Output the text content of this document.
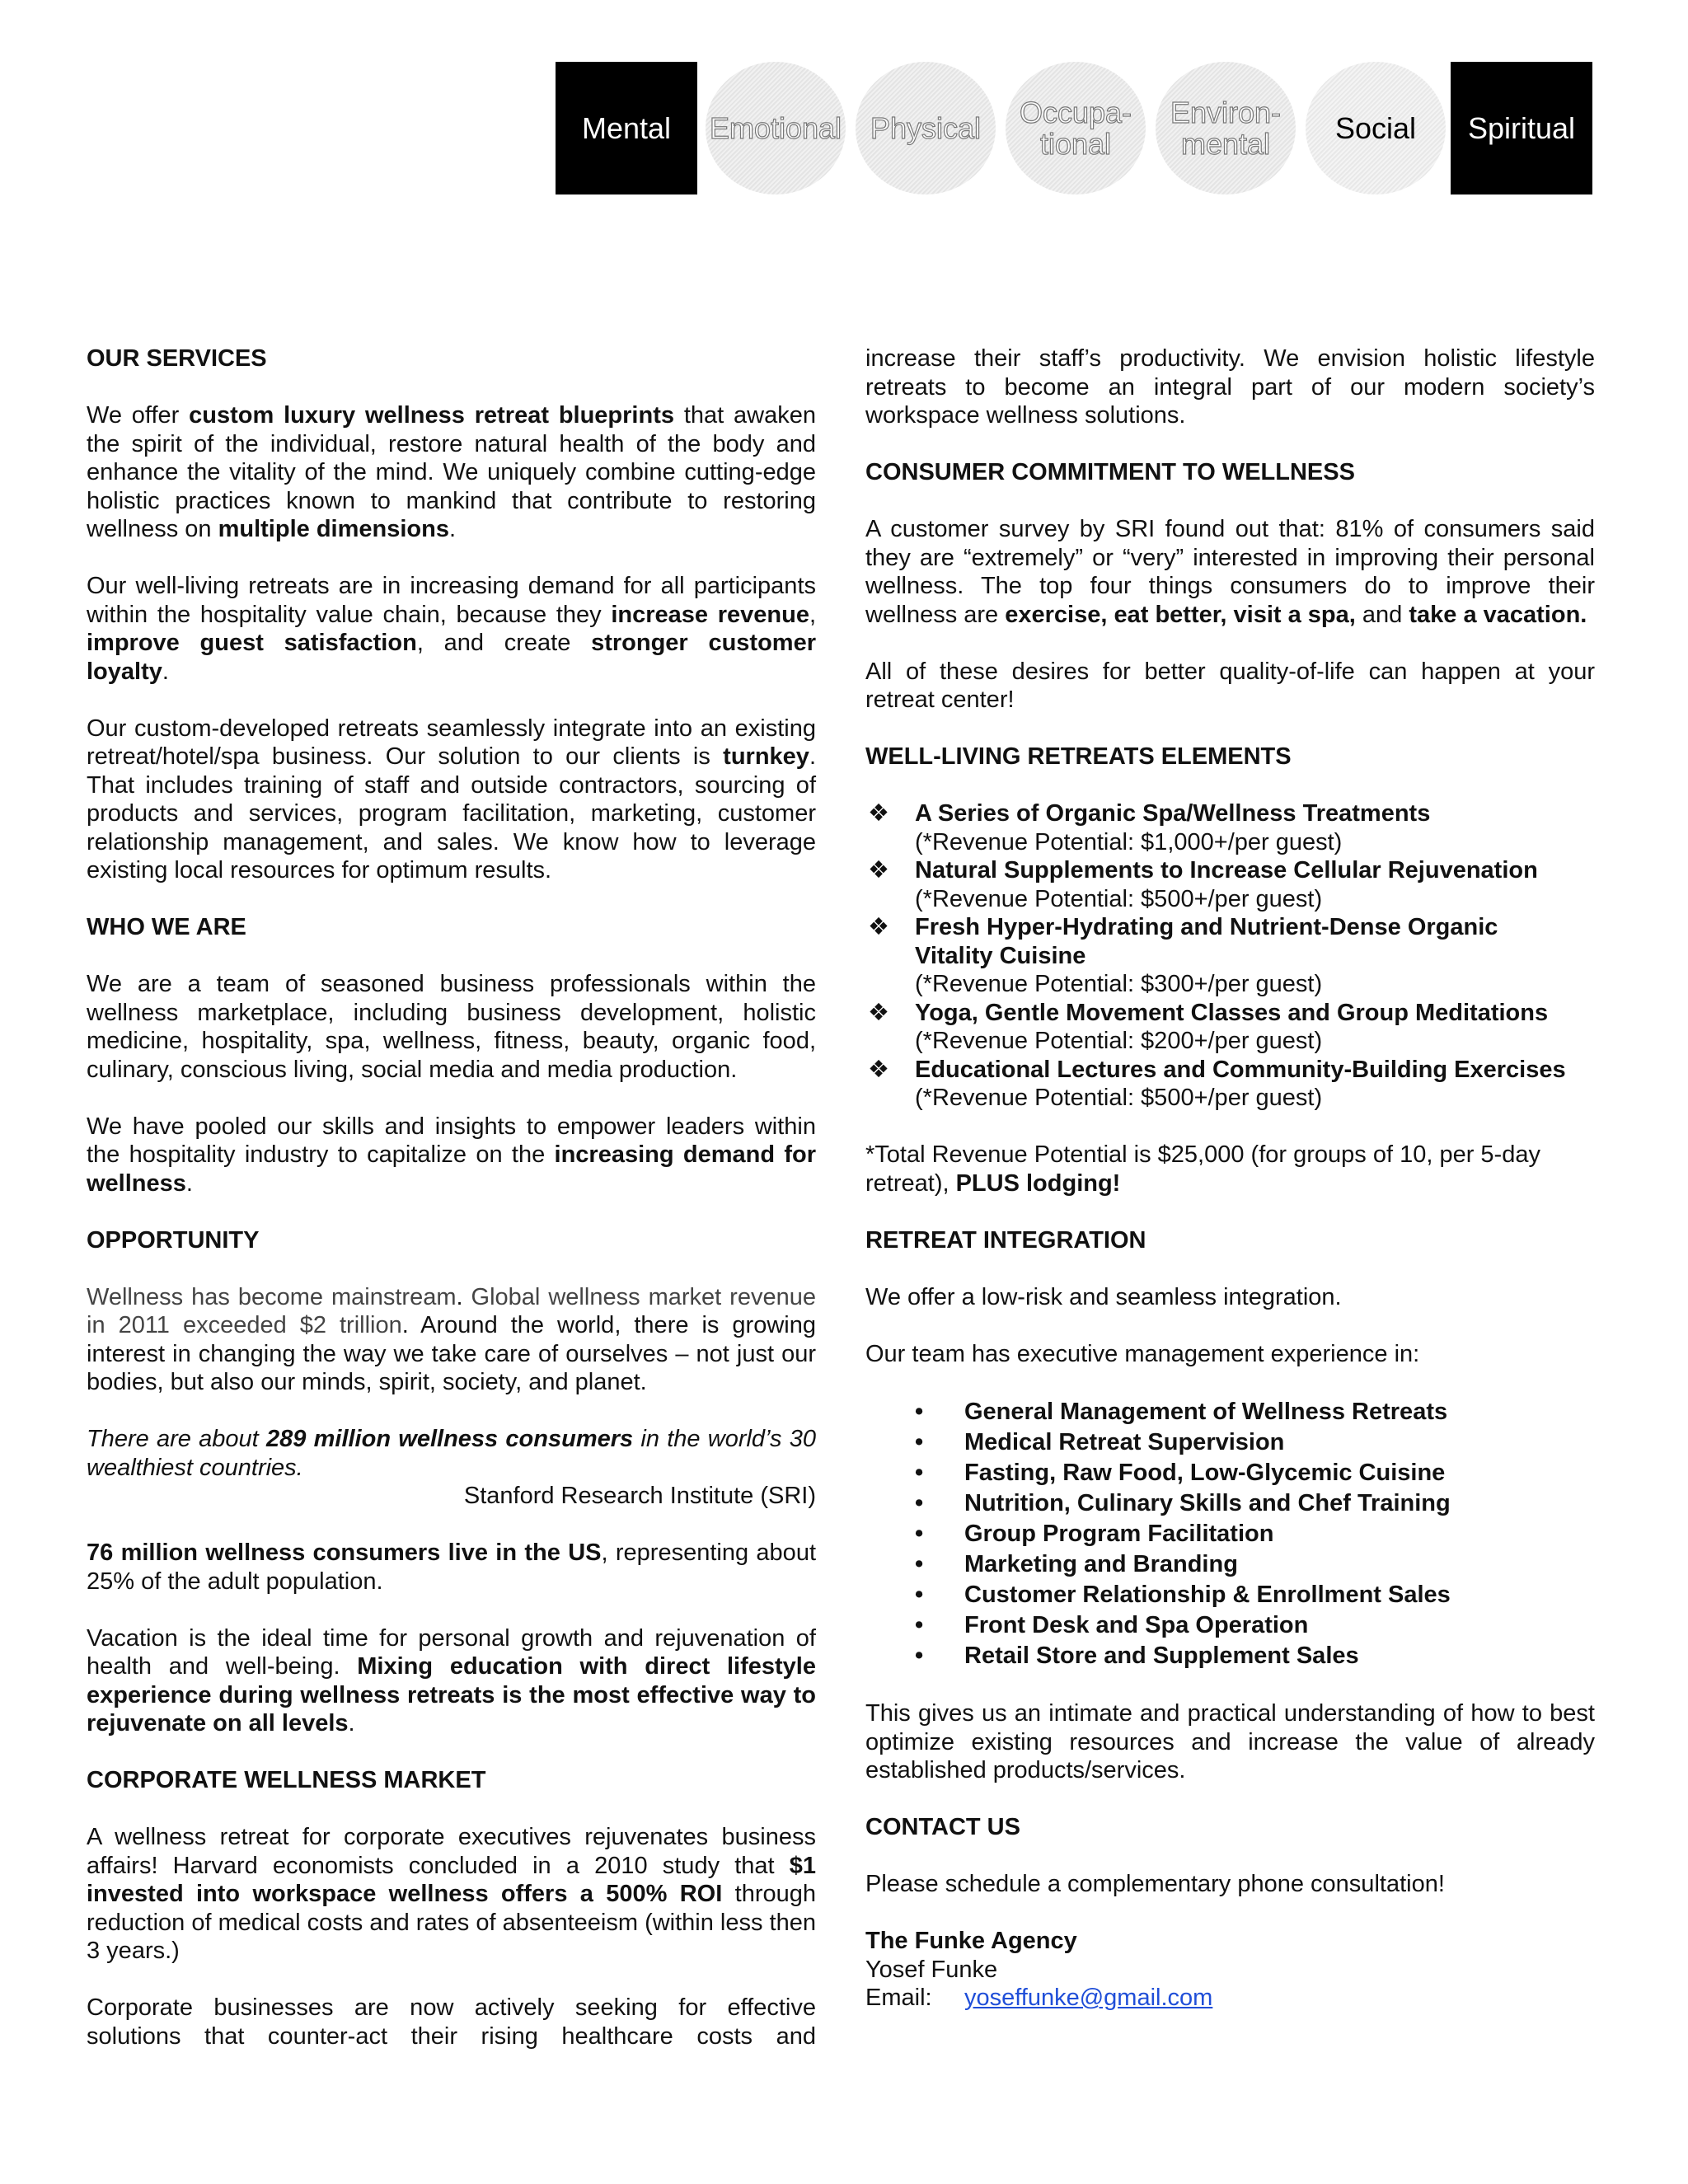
Mental	Emotional Physical	Occupa-
tional
Environ-
mental	Social	Spiritual
OUR SERVICES

We offer custom luxury wellness retreat blueprints that awaken the spirit of the individual, restore natural health of the body and enhance the vitality of the mind. We uniquely combine cutting-edge holistic practices known to mankind that contribute to restoring wellness on multiple dimensions.

Our well-living retreats are in increasing demand for all participants within the hospitality value chain, because they increase revenue, improve guest satisfaction, and create stronger customer loyalty.

Our custom-developed retreats seamlessly integrate into an existing retreat/hotel/spa business. Our solution to our clients is turnkey. That includes training of staff and outside contractors, sourcing of products and services, program facilitation, marketing, customer relationship management, and sales. We know how to leverage existing local resources for optimum results.

WHO WE ARE

We are a team of seasoned business professionals within the wellness marketplace, including business development, holistic medicine, hospitality, spa, wellness, fitness, beauty, organic food, culinary, conscious living, social media and media production.

We have pooled our skills and insights to empower leaders within the hospitality industry to capitalize on the increasing demand for wellness.

OPPORTUNITY

Wellness has become mainstream. Global wellness market revenue in 2011 exceeded $2 trillion. Around the world, there is growing interest in changing the way we take care of ourselves – not just our bodies, but also our minds, spirit, society, and planet.

There are about 289 million wellness consumers in the world’s 30 wealthiest countries.

Stanford Research Institute (SRI)

76 million wellness consumers live in the US, representing about 25% of the adult population.

Vacation is the ideal time for personal growth and rejuvenation of health and well-being. Mixing education with direct lifestyle experience during wellness retreats is the most effective way to rejuvenate on all levels.

CORPORATE WELLNESS MARKET

A wellness retreat for corporate executives rejuvenates business affairs! Harvard economists concluded in a 2010 study that $1 invested into workspace wellness offers a 500% ROI through reduction of medical costs and rates of absenteeism (within less then 3 years.)

Corporate businesses are now actively seeking for effective solutions that counter-act their rising healthcare costs and

increase their staff’s productivity. We envision holistic lifestyle retreats to become an integral part of our modern society’s workspace wellness solutions.

CONSUMER COMMITMENT TO WELLNESS

A customer survey by SRI found out that: 81% of consumers said they are “extremely” or “very” interested in improving their personal wellness. The top four things consumers do to improve their wellness are exercise, eat better, visit a spa, and take a vacation.

All of these desires for better quality-of-life can happen at your retreat center!

WELL-LIVING RETREATS ELEMENTS
❖ A Series of Organic Spa/Wellness Treatments
(*Revenue Potential: $1,000+/per guest)
❖ Natural Supplements to Increase Cellular Rejuvenation
(*Revenue Potential: $500+/per guest)
❖ Fresh Hyper-Hydrating and Nutrient-Dense Organic Vitality Cuisine
(*Revenue Potential: $300+/per guest)
❖ Yoga, Gentle Movement Classes and Group Meditations
(*Revenue Potential: $200+/per guest)
❖ Educational Lectures and Community-Building Exercises
(*Revenue Potential: $500+/per guest)

*Total Revenue Potential is $25,000 (for groups of 10, per 5-day retreat), PLUS lodging!

RETREAT INTEGRATION

We offer a low-risk and seamless integration.

Our team has executive management experience in:

• General Management of Wellness Retreats
• Medical Retreat Supervision
• Fasting, Raw Food, Low-Glycemic Cuisine
• Nutrition, Culinary Skills and Chef Training
• Group Program Facilitation
• Marketing and Branding
• Customer Relationship & Enrollment Sales
• Front Desk and Spa Operation
• Retail Store and Supplement Sales

This gives us an intimate and practical understanding of how to best optimize existing resources and increase the value of already established products/services.

CONTACT US

Please schedule a complementary phone consultation!

The Funke Agency
Yosef Funke
Email:	yoseffunke@gmail.com
